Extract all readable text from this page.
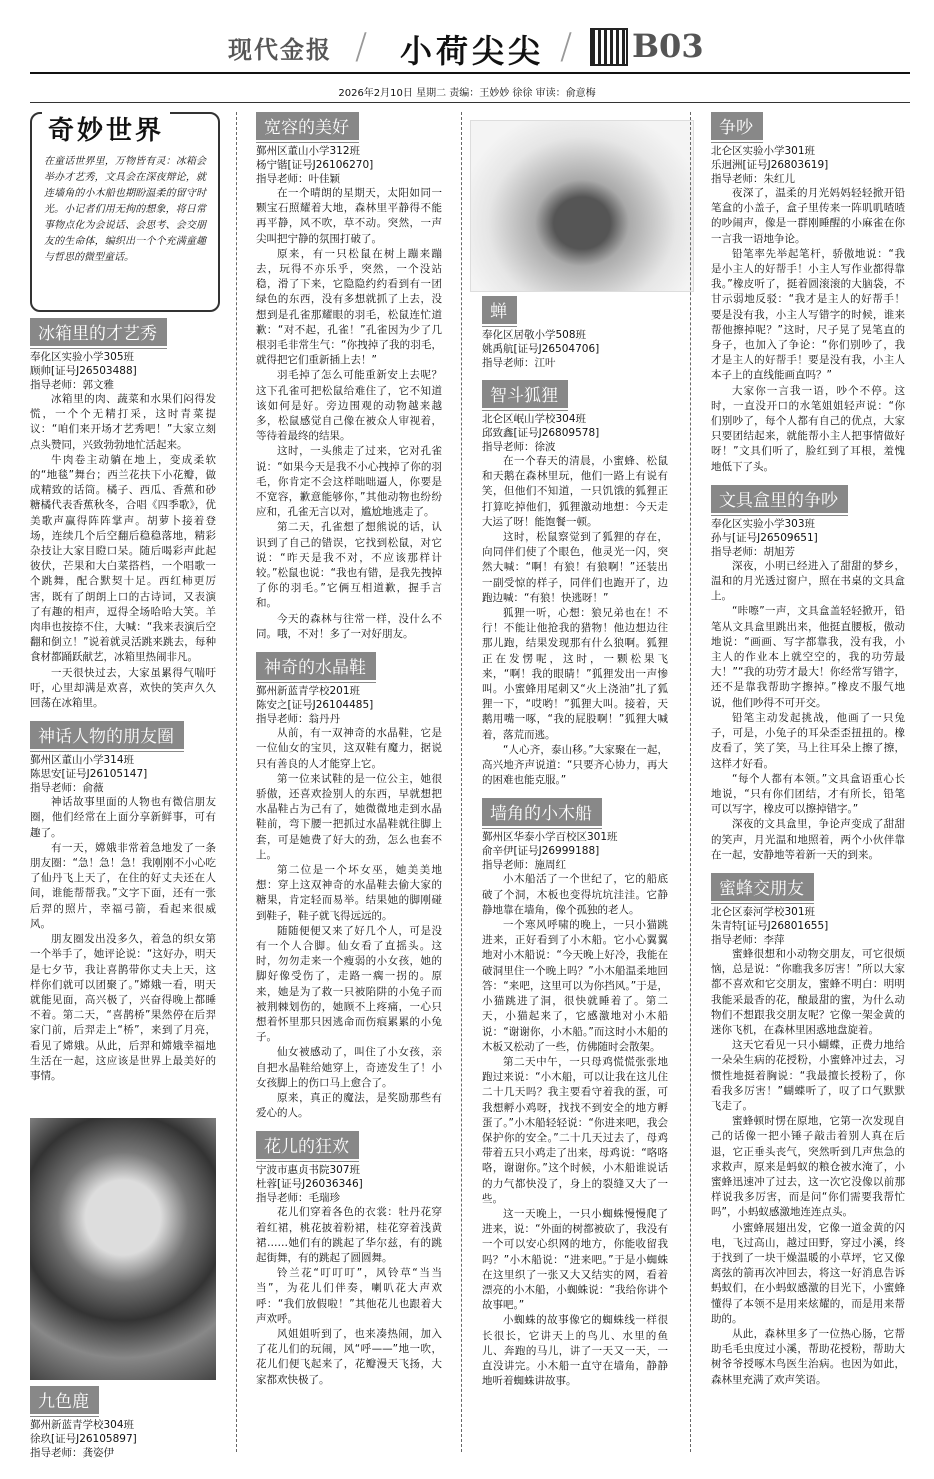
现代金报 / 小荷尖尖 / B03
2026年2月10日 星期二 责编：王妙妙 徐徐 审读：俞意梅
奇妙世界
在童话世界里，万物皆有灵：冰箱会举办才艺秀，文具会在深夜辩论，就连墙角的小木船也期盼温柔的留守时光。小记者们用无拘的想象，将日常事物点化为会说话、会思考、会交朋友的生命体，编织出一个个充满童趣与哲思的微型童话。
冰箱里的才艺秀
奉化区实验小学305班
顾帅[证号J26503488]
指导老师：郭文雅

冰箱里的肉、蔬菜和水果们闷得发慌，一个个无精打采，这时青菜提议：“咱们来开场才艺秀吧！”大家立刻点头赞同，兴致勃勃地忙活起来。

牛肉卷主动躺在地上，变成柔软的“地毯”舞台；西兰花扶下小花瓣，做成精致的话筒。橘子、西瓜、香蕉和砂糖橘代表香蕉秋冬，合唱《四季歌》，优美歌声赢得阵阵掌声。胡萝卜接着登场，连续几个后空翻后稳稳落地，精彩杂技让大家目瞪口呆。随后喝彩声此起彼伏，芒果和大白菜搭档，一个唱歌一个跳舞，配合默契十足。西红柿更厉害，既有了朗朗上口的古诗词，又表演了有趣的相声，逗得全场哈哈大笑。羊肉串也按捺不住，大喊：“我来表演后空翻和倒立！”说着就灵活跳来跳去，每种食材都踊跃献艺，冰箱里热闹非凡。

一天很快过去，大家虽累得气喘吁吁，心里却满是欢喜，欢快的笑声久久回荡在冰箱里。

神话人物的朋友圈
鄞州区董山小学314班
陈思安[证号J26105147]
指导老师：俞薇

神话故事里面的人物也有微信朋友圈，他们经常在上面分享新鲜事，可有趣了。

有一天，嫦娥非常着急地发了一条朋友圈：“急！急！急！我刚刚不小心吃了仙丹飞上天了，在住的好丈夫还在人间，谁能帮帮我。”文字下面，还有一张后羿的照片，幸福弓箭，看起来很威风。

朋友圈发出没多久，着急的织女第一个举手了，她评论说：“这好办，明天是七夕节，我让喜鹊带你丈夫上天，这样你们就可以团聚了。”嫦娥一看，明天就能见面，高兴极了，兴奋得晚上都睡不着。第二天，“喜鹊桥”果然停在后羿家门前，后羿走上“桥”，来到了月亮，看见了嫦娥。从此，后羿和嫦娥幸福地生活在一起，这应该是世界上最美好的事情。

九色鹿
鄞州新蓝青学校304班
徐玖[证号J26105897]
指导老师：龚姿伊
宽容的美好
鄞州区董山小学312班
杨宁锴[证号J26106270]
指导老师：叶佳颖

在一个晴朗的星期天，太阳如同一颗宝石照耀着大地，森林里平静得不能再平静，风不吹，草不动。突然，一声尖叫把宁静的氛围打破了。

原来，有一只松鼠在树上蹦来蹦去，玩得不亦乐乎，突然，一个没站稳，滑了下来，它隐隐约约看到有一团绿色的东西，没有多想就抓了上去，没想到是孔雀那耀眼的羽毛，松鼠连忙道歉：“对不起，孔雀！”孔雀因为少了几根羽毛非常生气：“你拽掉了我的羽毛，就得把它们重新插上去！”

羽毛掉了怎么可能重新安上去呢？这下孔雀可把松鼠给难住了，它不知道该如何是好。旁边围观的动物越来越多，松鼠感觉自己像在被众人审视着，等待着最终的结果。

这时，一头熊走了过来，它对孔雀说：“如果今天是我不小心拽掉了你的羽毛，你肯定不会这样咄咄逼人，你要是不宽容，歉意能够你，”其他动物也纷纷应和，孔雀无言以对，尴尬地逃走了。

第二天，孔雀想了想熊说的话，认识到了自己的错误，它找到松鼠，对它说：“昨天是我不对，不应该那样计较。”松鼠也说：“我也有错，是我先拽掉了你的羽毛。”它俩互相道歉，握手言和。

今天的森林与往常一样，没什么不同。哦，不对！多了一对好朋友。

神奇的水晶鞋
鄞州新蓝青学校201班
陈安之[证号J26104485]
指导老师：翁丹丹

从前，有一双神奇的水晶鞋，它是一位仙女的宝贝，这双鞋有魔力，据说只有善良的人才能穿上它。

第一位来试鞋的是一位公主，她很骄傲，还喜欢捡别人的东西，早就想把水晶鞋占为己有了，她微微地走到水晶鞋前，弯下腰一把抓过水晶鞋就往脚上套，可是她费了好大的劲，怎么也套不上。

第二位是一个坏女巫，她美美地想：穿上这双神奇的水晶鞋去偷大家的糖果，肯定轻而易举。结果她的脚刚碰到鞋子，鞋子就飞得远远的。

随随便便又来了好几个人，可是没有一个人合脚。仙女看了直摇头。这时，勿勿走来一个瘦弱的小女孩，她的脚好像受伤了，走路一瘸一拐的。原来，她是为了救一只被陷阱的小兔子而被荆棘划伤的，她顾不上疼痛，一心只想着怀里那只因逃命而伤痕累累的小兔子。

仙女被感动了，叫住了小女孩，亲自把水晶鞋给她穿上，奇迹发生了！小女孩脚上的伤口马上愈合了。

原来，真正的魔法，是奖励那些有爱心的人。

花儿的狂欢
宁波市惠贞书院307班
杜蓉[证号J26036346]
指导老师：毛瑞珍

花儿们穿着各色的衣裳：牡丹花穿着红裙，桃花披着粉裙，桂花穿着浅黄裙……她们有的跳起了华尔兹，有的跳起街舞，有的跳起了圆圆舞。

铃兰花“叮叮叮”，风铃草“当当当”，为花儿们伴奏，喇叭花大声欢呼：“我们放假啦！”其他花儿也跟着大声欢呼。

风姐姐听到了，也来凑热闹，加入了花儿们的玩闹，风“呼——”地一吹，花儿们便飞起来了，花瓣漫天飞扬，大家都欢快极了。

蝉
奉化区居敬小学508班
姚禹航[证号J26504706]
指导老师：江叶
智斗狐狸
北仑区岷山学校304班
邱致鑫[证号J26809578]
指导老师：徐波

在一个春天的清晨，小蜜蜂、松鼠和天鹅在森林里玩，他们一路上有说有笑，但他们不知道，一只饥饿的狐狸正打算吃掉他们，狐狸激动地想：今天走大运了呀！能饱餐一顿。

这时，松鼠察觉到了狐狸的存在，向同伴们使了个眼色，他灵光一闪，突然大喊：“啊！有狼！有狼啊！”还装出一副受惊的样子，同伴们也跑开了，边跑边喊：“有狼！快逃呀！”

狐狸一听，心想：狼兄弟也在！不行！不能让他抢我的猎物！他边想边往那儿跑，结果发现那有什么狼啊。狐狸正在发愣呢，这时，一颗松果飞来，“啊！我的眼睛！”狐狸发出一声惨叫。小蜜蜂用尾刺又“火上浇油”扎了狐狸一下，“哎哟！”狐狸大叫。接着，天鹅用嘴一啄，“我的屁股啊！”狐狸大喊着，落荒而逃。

“人心齐，泰山移。”大家聚在一起，高兴地齐声说道：“只要齐心协力，再大的困难也能克服。”

墙角的小木船
鄞州区华泰小学百校区301班
俞辛伊[证号J26999188]
指导老师：施周红

小木船活了一个世纪了，它的船底破了个洞，木板也变得坑坑洼洼。它静静地靠在墙角，像个孤独的老人。

一个寒风呼啸的晚上，一只小猫跳进来，正好看到了小木船。它小心翼翼地对小木船说：“今天晚上好冷，我能在破洞里住一个晚上吗？”小木船温柔地回答：“来吧，这里可以为你挡风。”于是，小猫跳进了洞，很快就睡着了。第二天，小猫起来了，它感激地对小木船说：“谢谢你，小木船。”而这时小木船的木板又松动了一些，仿佛随时会散架。

第二天中午，一只母鸡慌慌张张地跑过来说：“小木船，可以让我在这儿住二十几天吗？我主要看守着我的蛋，可我想孵小鸡呀，找找不到安全的地方孵蛋了。”小木船轻轻说：“你进来吧，我会保护你的安全。”二十几天过去了，母鸡带着五只小鸡走了出来，母鸡说：“咯咯咯，谢谢你。”这个时候，小木船谁说话的力气都快没了，身上的裂缝又大了一些。

这一天晚上，一只小蜘蛛慢慢爬了进来，说：“外面的树都被砍了，我没有一个可以安心织网的地方，你能收留我吗？”小木船说：“进来吧。”于是小蜘蛛在这里织了一张又大又结实的网，看着漂亮的小木船，小蜘蛛说：“我给你讲个故事吧。”

小蜘蛛的故事像它的蜘蛛线一样很长很长，它讲天上的鸟儿、水里的鱼儿、奔跑的马儿，讲了一天又一天，一直没讲完。小木船一直守在墙角，静静地听着蜘蛛讲故事。

争吵
北仑区实验小学301班
乐迥洲[证号J26803619]
指导老师：朱红儿

夜深了，温柔的月光妈妈轻轻掀开铅笔盒的小盖子，盒子里传来一阵叽叽喳喳的吵闹声，像是一群刚睡醒的小麻雀在你一言我一语地争论。

铅笔率先举起笔杆，骄傲地说：“我是小主人的好帮手！小主人写作业都得靠我。”橡皮听了，挺着圆滚滚的大脑袋，不甘示弱地反驳：“我才是主人的好帮手！要是没有我，小主人写错字的时候，谁来帮他擦掉呢？”这时，尺子晃了晃笔直的身子，也加入了争论：“你们别吵了，我才是主人的好帮手！要是没有我，小主人本子上的直线能画直吗？”

大家你一言我一语，吵个不停。这时，一直没开口的水笔姐姐轻声说：“你们别吵了，每个人都有自己的优点，大家只要团结起来，就能帮小主人把事情做好呀！”文具们听了，脸红到了耳根，羞愧地低下了头。

文具盒里的争吵
奉化区实验小学303班
孙与[证号J26509651]
指导老师：胡旭芳

深夜，小明已经进入了甜甜的梦乡，温和的月光透过窗户，照在书桌的文具盒上。

“咔嚓”一声，文具盒盖轻轻掀开，铅笔从文具盒里跳出来，他挺直腰板，傲动地说：“画画、写字都靠我，没有我，小主人的作业本上就空空的，我的功劳最大！”“我的功劳才最大！你经常写错字，还不是靠我帮助字擦掉。”橡皮不服气地说，他们吵得不可开交。

铅笔主动发起挑战，他画了一只兔子，可是，小兔子的耳朵歪歪扭扭的。橡皮看了，笑了笑，马上往耳朵上擦了擦，这样才好看。

“每个人都有本领。”文具盒语重心长地说，“只有你们团结，才有所长，铅笔可以写字，橡皮可以擦掉错字。”

深夜的文具盒里，争论声变成了甜甜的笑声，月光温和地照着，两个小伙伴靠在一起，安静地等着新一天的到来。

蜜蜂交朋友
北仑区泰河学校301班
朱青特[证号J26801655]
指导老师：李萍

蜜蜂很想和小动物交朋友，可它很烦恼，总是说：“你瞧我多厉害！”所以大家都不喜欢和它交朋友，蜜蜂不明白：明明我能采最香的花，酿最甜的蜜，为什么动物们不想跟我交朋友呢？它像一架金黄的迷你飞机，在森林里困惑地盘旋着。

这天它看见一只小蝴蝶，正费力地给一朵朵生病的花授粉，小蜜蜂冲过去，习惯性地挺着胸说：“我最擅长授粉了，你看我多厉害！”蝴蝶听了，叹了口气默默飞走了。

蜜蜂顿时愣在原地，它第一次发现自己的话像一把小锤子敲击着别人真在后退，它正垂头丧气，突然听到几声焦急的求救声，原来是蚂蚁的粮仓被水淹了，小蜜蜂迅速冲了过去，这一次它没像以前那样说我多厉害，而是问“你们需要我帮忙吗”，小蚂蚁感激地连连点头。

小蜜蜂展翅出发，它像一道金黄的闪电，飞过高山，越过田野，穿过小溪，终于找到了一块干燥温暖的小草坪，它又像离弦的箭再次冲回去，将这一好消息告诉蚂蚁们，在小蚂蚁感激的目光下，小蜜蜂懂得了本领不是用来炫耀的，而是用来帮助的。

从此，森林里多了一位热心肠，它帮助毛毛虫度过小溪，帮助花授粉，帮助大树爷爷授啄木鸟医生治病。也因为如此，森林里充满了欢声笑语。
